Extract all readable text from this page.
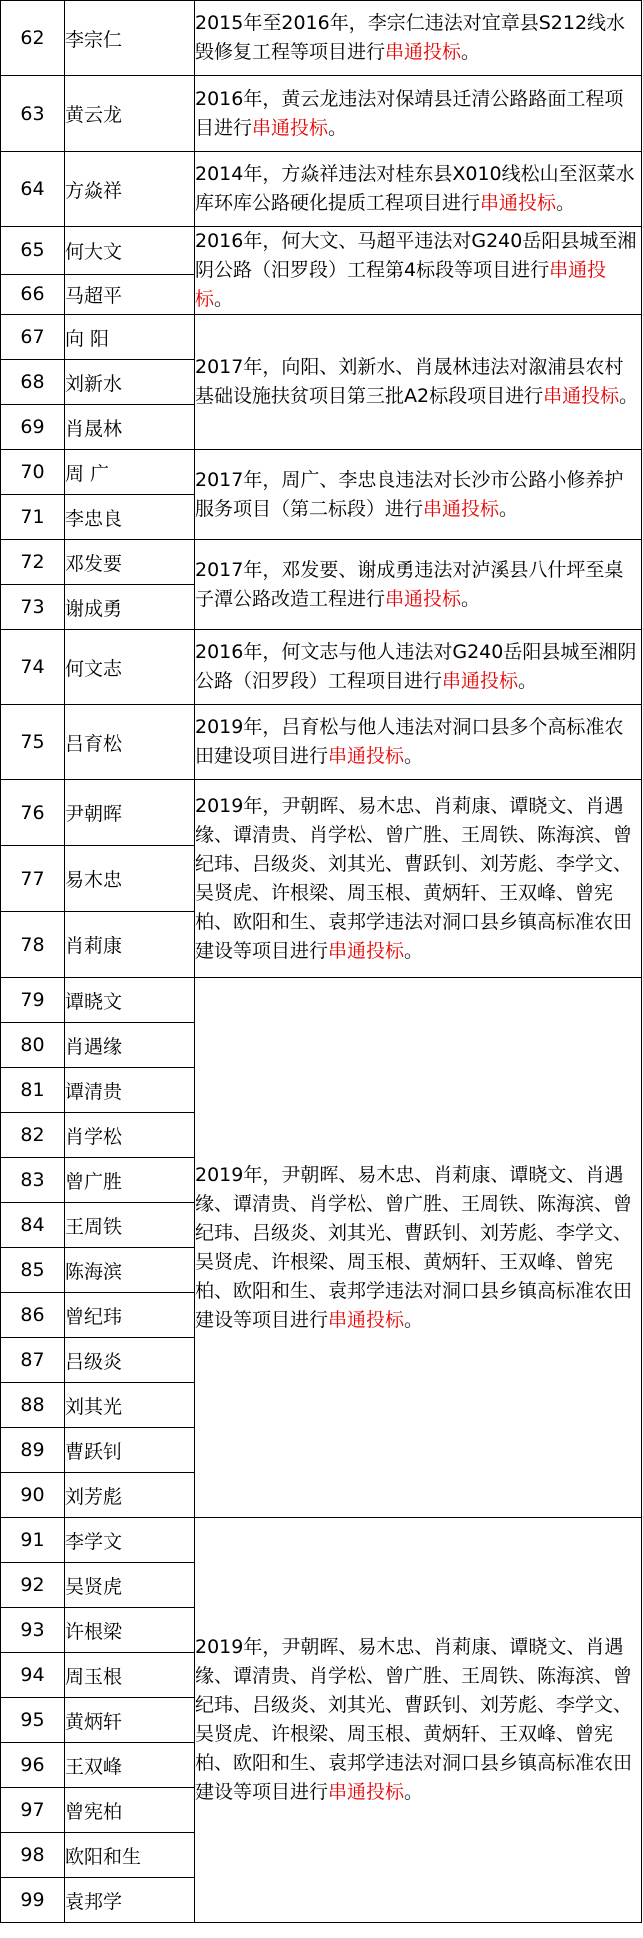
62	李宗仁	2015年至2016年，李宗仁违法对宜章县S212线水毁修复工程等项目进行串通投标。
63	黄云龙	2016年，黄云龙违法对保靖县迁清公路路面工程项目进行串通投标。
64	方焱祥	2014年，方焱祥违法对桂东县X010线松山至沤菜水库环库公路硬化提质工程项目进行串通投标。
65	何大文	2016年，何大文、马超平违法对G240岳阳县城至湘阴公路（汨罗段）工程第4标段等项目进行串通投标。
66	马超平	
67	向 阳	2017年，向阳、刘新水、肖晟林违法对溆浦县农村基础设施扶贫项目第三批A2标段项目进行串通投标。
68	刘新水	
69	肖晟林	
70	周 广	2017年，周广、李忠良违法对长沙市公路小修养护服务项目（第二标段）进行串通投标。
71	李忠良	
72	邓发要	2017年，邓发要、谢成勇违法对泸溪县八什坪至桌子潭公路改造工程进行串通投标。
73	谢成勇	
74	何文志	2016年，何文志与他人违法对G240岳阳县城至湘阴公路（汨罗段）工程项目进行串通投标。
75	吕育松	2019年，吕育松与他人违法对洞口县多个高标准农田建设项目进行串通投标。
76	尹朝晖	2019年，尹朝晖、易木忠、肖莉康、谭晓文、肖遇缘、谭清贵、肖学松、曾广胜、王周铁、陈海滨、曾纪玮、吕级炎、刘其光、曹跃钊、刘芳彪、李学文、吴贤虎、许根梁、周玉根、黄炳轩、王双峰、曾宪柏、欧阳和生、袁邦学违法对洞口县乡镇高标准农田建设等项目进行串通投标。
77	易木忠	
78	肖莉康	
79	谭晓文	2019年，尹朝晖、易木忠、肖莉康、谭晓文、肖遇缘、谭清贵、肖学松、曾广胜、王周铁、陈海滨、曾纪玮、吕级炎、刘其光、曹跃钊、刘芳彪、李学文、吴贤虎、许根梁、周玉根、黄炳轩、王双峰、曾宪柏、欧阳和生、袁邦学违法对洞口县乡镇高标准农田建设等项目进行串通投标。
80	肖遇缘	
81	谭清贵	
82	肖学松	
83	曾广胜	
84	王周铁	
85	陈海滨	
86	曾纪玮	
87	吕级炎	
88	刘其光	
89	曹跃钊	
90	刘芳彪	
91	李学文	2019年，尹朝晖、易木忠、肖莉康、谭晓文、肖遇缘、谭清贵、肖学松、曾广胜、王周铁、陈海滨、曾纪玮、吕级炎、刘其光、曹跃钊、刘芳彪、李学文、吴贤虎、许根梁、周玉根、黄炳轩、王双峰、曾宪柏、欧阳和生、袁邦学违法对洞口县乡镇高标准农田建设等项目进行串通投标。
92	吴贤虎	
93	许根梁	
94	周玉根	
95	黄炳轩	
96	王双峰	
97	曾宪柏	
98	欧阳和生	
99	袁邦学	
